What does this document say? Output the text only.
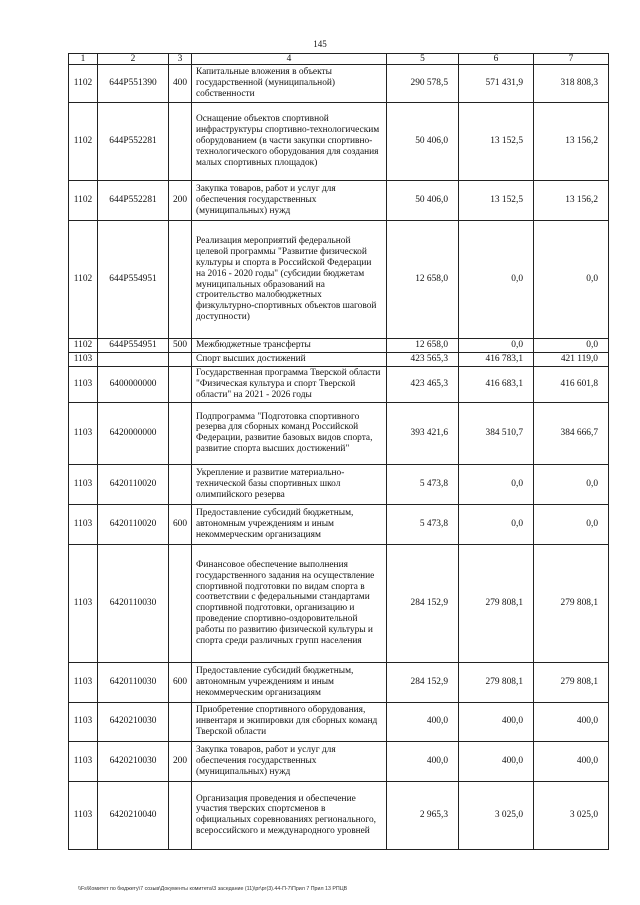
145
1	2	3	4	5	6	7
1102	644P551390	400	Капитальные вложения в объекты государственной (муниципальной) собственности	290 578,5	571 431,9	318 808,3
1102	644P552281		Оснащение объектов спортивной инфраструктуры спортивно-технологическим оборудованием (в части закупки спортивно-технологического оборудования для создания малых спортивных площадок)	50 406,0	13 152,5	13 156,2
1102	644P552281	200	Закупка товаров, работ и услуг для обеспечения государственных (муниципальных) нужд	50 406,0	13 152,5	13 156,2
1102	644P554951		Реализация мероприятий федеральной целевой программы "Развитие физической культуры и спорта в Российской Федерации на 2016 - 2020 годы" (субсидии бюджетам муниципальных образований на строительство малобюджетных физкультурно-спортивных объектов шаговой доступности)	12 658,0	0,0	0,0
1102	644P554951	500	Межбюджетные трансферты	12 658,0	0,0	0,0
1103			Спорт высших достижений	423 565,3	416 783,1	421 119,0
1103	6400000000		Государственная программа Тверской области "Физическая культура и спорт Тверской области" на 2021 - 2026 годы	423 465,3	416 683,1	416 601,8
1103	6420000000		Подпрограмма "Подготовка спортивного резерва для сборных команд Российской Федерации, развитие базовых видов спорта, развитие спорта высших достижений"	393 421,6	384 510,7	384 666,7
1103	6420110020		Укрепление и развитие материально-технической базы спортивных школ олимпийского резерва	5 473,8	0,0	0,0
1103	6420110020	600	Предоставление субсидий бюджетным, автономным учреждениям и иным некоммерческим организациям	5 473,8	0,0	0,0
1103	6420110030		Финансовое обеспечение выполнения государственного задания на осуществление спортивной подготовки по видам спорта в соответствии с федеральными стандартами спортивной подготовки, организацию и проведение спортивно-оздоровительной работы по развитию физической культуры и спорта среди различных групп населения	284 152,9	279 808,1	279 808,1
1103	6420110030	600	Предоставление субсидий бюджетным, автономным учреждениям и иным некоммерческим организациям	284 152,9	279 808,1	279 808,1
1103	6420210030		Приобретение спортивного оборудования, инвентаря и экипировки для сборных команд Тверской области	400,0	400,0	400,0
1103	6420210030	200	Закупка товаров, работ и услуг для обеспечения государственных (муниципальных) нужд	400,0	400,0	400,0
1103	6420210040		Организация проведения и обеспечение участия тверских спортсменов в официальных соревнованиях регионального, всероссийского и международного уровней	2 965,3	3 025,0	3 025,0
\\Fs\Комитет по бюджету\7 созыв\Документы комитета\3 заседание (11)\pr\рг(3).44-П-7\Прил 7 Прил 13 РПЦВ
